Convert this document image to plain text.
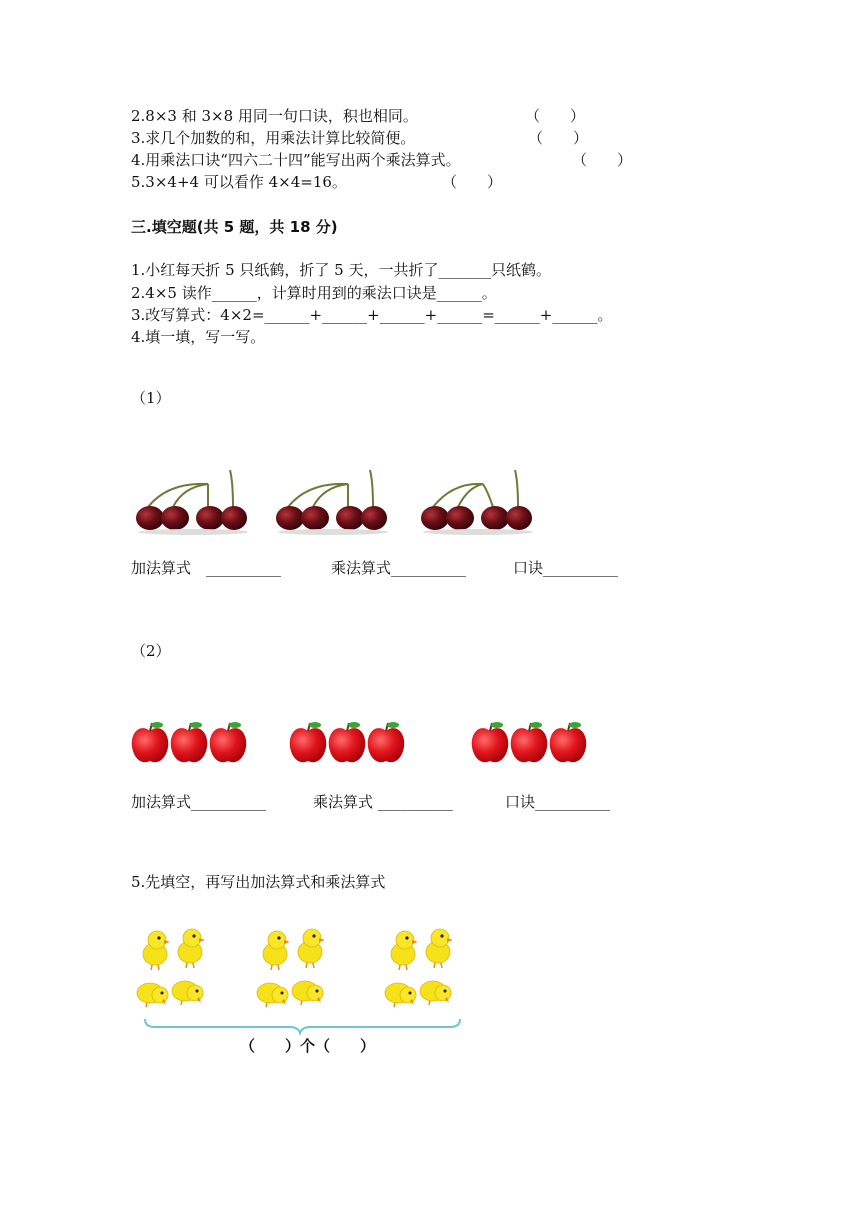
2.8×3 和 3×8 用同一句口诀，积也相同。	（　　）
3.求几个加数的和，用乘法计算比较简便。	（　　）
4.用乘法口诀“四六二十四”能写出两个乘法算式。	（　　）
5.3×4+4 可以看作 4×4=16。	（　　）
三.填空题(共 5 题，共 18 分)
1.小红每天折 5 只纸鹤，折了 5 天，一共折了_______只纸鹤。
2.4×5 读作______，计算时用到的乘法口诀是______。
3.改写算式：4×2=______+______+______+______=______+______。
4.填一填，写一写。
（1）
加法算式　__________	乘法算式__________	口诀__________
（2）
加法算式__________	乘法算式 __________	口诀__________
5.先填空，再写出加法算式和乘法算式
（　　）个（　　）
